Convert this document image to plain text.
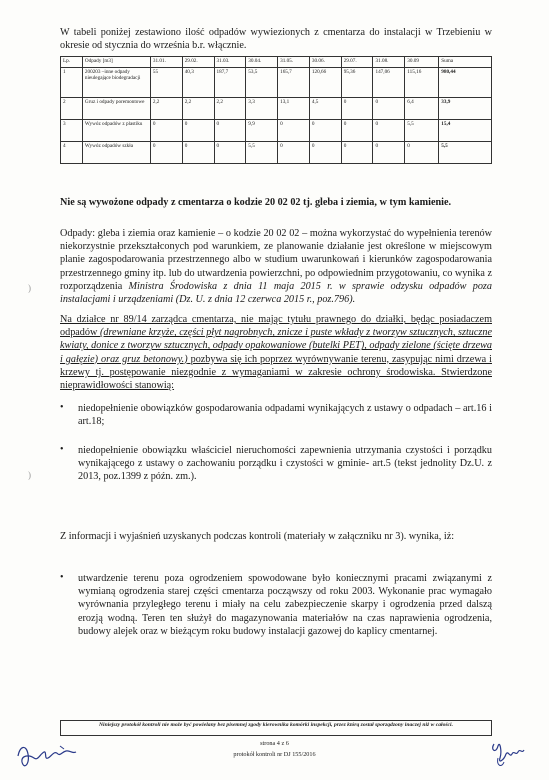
W tabeli poniżej zestawiono ilość odpadów wywiezionych z cmentarza do instalacji w Trzebieniu w okresie od stycznia do września b.r. włącznie.
Lp.	Odpady [m3]	31.01.	29.02.	31.03.	30.04.	31.05.	30.06.	29.07.	31.08.	30.09	Suma
1	200203 –inne odpady nieulegające biodegradacji	55	40,3	187,7	53,5	165,7	120,66	95,36	147,06	115,16	980,44
2	Gruz i odpady poremontowe	2,2	2,2	2,2	3,3	13,1	4,5	0	0	6,4	33,9
3	Wywóz odpadów z plastiku	0	0	0	9,9	0	0	0	0	5,5	15,4
4	Wywóz odpadów szkła	0	0	0	5,5	0	0	0	0	0	5,5
Nie są wywożone odpady z cmentarza o kodzie 20 02 02 tj. gleba i ziemia, w tym kamienie.
Odpady: gleba i ziemia oraz kamienie – o kodzie 20 02 02 – można wykorzystać do wypełnienia terenów niekorzystnie przekształconych pod warunkiem, ze planowanie działanie jest określone w miejscowym planie zagospodarowania przestrzennego albo w studium uwarunkowań i kierunków zagospodarowania przestrzennego gminy itp. lub do utwardzenia powierzchni, po odpowiednim przygotowaniu, co wynika z rozporządzenia Ministra Środowiska z dnia 11 maja 2015 r. w sprawie odzysku odpadów poza instalacjami i urządzeniami (Dz. U. z dnia 12 czerwca 2015 r., poz.796).
Na działce nr 89/14 zarządca cmentarza, nie mając tytułu prawnego do działki, będąc posiadaczem odpadów (drewniane krzyże, części płyt nagrobnych, znicze i puste wkłady z tworzyw sztucznych, sztuczne kwiaty, donice z tworzyw sztucznych, odpady opakowaniowe (butelki PET), odpady zielone (ścięte drzewa i gałęzie) oraz gruz betonowy.) pozbywa się ich poprzez wyrównywanie terenu, zasypując nimi drzewa i krzewy tj. postępowanie niezgodnie z wymaganiami w zakresie ochrony środowiska. Stwierdzone nieprawidłowości stanowią:
•	niedopełnienie obowiązków gospodarowania odpadami wynikających z ustawy o odpadach – art.16 i art.18;
•	niedopełnienie obowiązku właściciel nieruchomości zapewnienia utrzymania czystości i porządku wynikającego z ustawy o zachowaniu porządku i czystości w gminie- art.5 (tekst jednolity Dz.U. z 2013, poz.1399 z późn. zm.).
Z informacji i wyjaśnień uzyskanych podczas kontroli (materiały w załączniku nr 3). wynika, iż:
•	utwardzenie terenu poza ogrodzeniem spowodowane było koniecznymi pracami związanymi z wymianą ogrodzenia starej części cmentarza począwszy od roku 2003. Wykonanie prac wymagało wyrównania przyległego terenu i miały na celu zabezpieczenie skarpy i ogrodzenia przed dalszą erozją wodną. Teren ten służył do magazynowania materiałów na czas naprawienia ogrodzenia, budowy alejek oraz w bieżącym roku budowy instalacji gazowej do kaplicy cmentarnej.
Niniejszy protokół kontroli nie może być powielany bez pisemnej zgody kierownika komórki inspekcji, przez którą został sporządzony inaczej niż w całości.
strona 4 z 6
protokół kontroli nr DJ 155/2016
)
)
